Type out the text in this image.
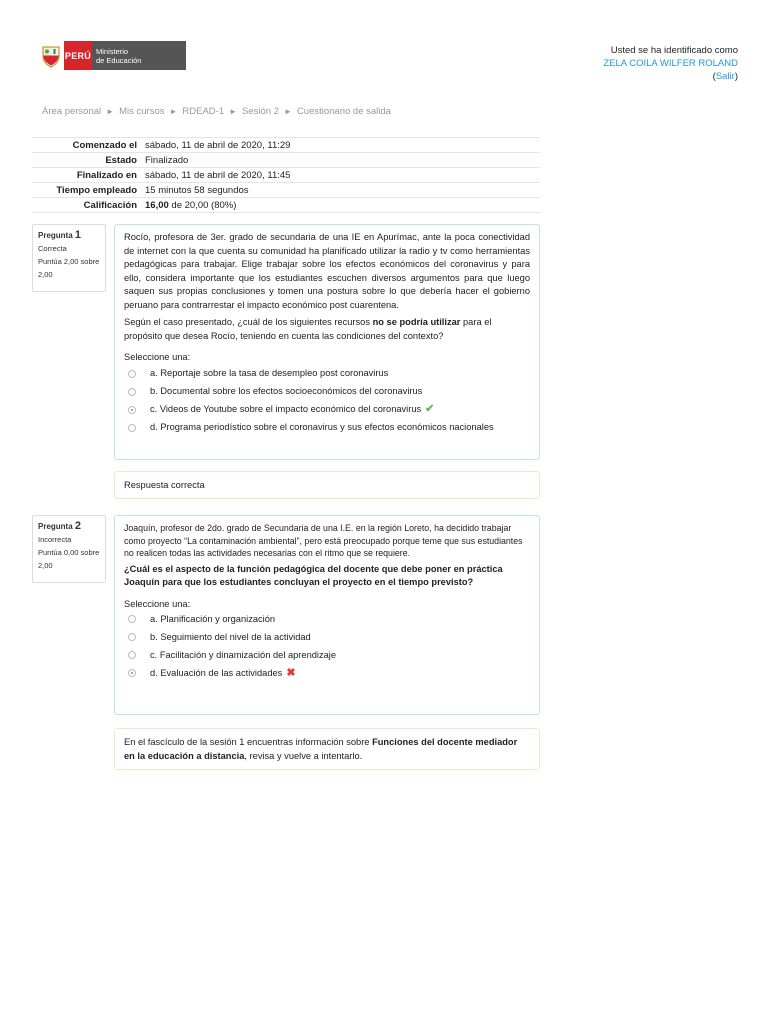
PERÚ Ministerio
de Educación
Usted se ha identificado como
ZELA COILA WILFER ROLAND
(Salir)
Área personal ► Mis cursos ► RDEAD-1 ► Sesión 2 ► Cuestionario de salida
Comenzado el	sábado, 11 de abril de 2020, 11:29
Estado	Finalizado
Finalizado en	sábado, 11 de abril de 2020, 11:45
Tiempo empleado	15 minutos 58 segundos
Calificación	16,00 de 20,00 (80%)
Pregunta 1
Correcta
Puntúa 2,00 sobre 2,00

Rocío, profesora de 3er. grado de secundaria de una IE en Apurímac, ante la poca conectividad de internet con la que cuenta su comunidad ha planificado utilizar la radio y tv como herramientas pedagógicas para trabajar. Elige trabajar sobre los efectos económicos del coronavirus y para ello, considera importante que los estudiantes escuchen diversos argumentos para que luego saquen sus propias conclusiones y tomen una postura sobre lo que debería hacer el gobierno peruano para contrarrestar el impacto económico post cuarentena.

Según el caso presentado, ¿cuál de los siguientes recursos no se podría utilizar para el propósito que desea Rocío, teniendo en cuenta las condiciones del contexto?

Seleccione una:
a. Reportaje sobre la tasa de desempleo post coronavirus
b. Documental sobre los efectos socioeconómicos del coronavirus
c. Videos de Youtube sobre el impacto económico del coronavirus ✔
d. Programa periodístico sobre el coronavirus y sus efectos económicos nacionales
Respuesta correcta
Pregunta 2
Incorrecta
Puntúa 0,00 sobre 2,00

Joaquín, profesor de 2do. grado de Secundaria de una I.E. en la región Loreto, ha decidido trabajar como proyecto “La contaminación ambiental”, pero está preocupado porque teme que sus estudiantes no realicen todas las actividades necesarias con el ritmo que se requiere.

¿Cuál es el aspecto de la función pedagógica del docente que debe poner en práctica Joaquín para que los estudiantes concluyan el proyecto en el tiempo previsto?

Seleccione una:
a. Planificación y organización
b. Seguimiento del nivel de la actividad
c. Facilitación y dinamización del aprendizaje
d. Evaluación de las actividades ✖
En el fascículo de la sesión 1 encuentras información sobre Funciones del docente mediador en la educación a distancia, revisa y vuelve a intentarlo.
